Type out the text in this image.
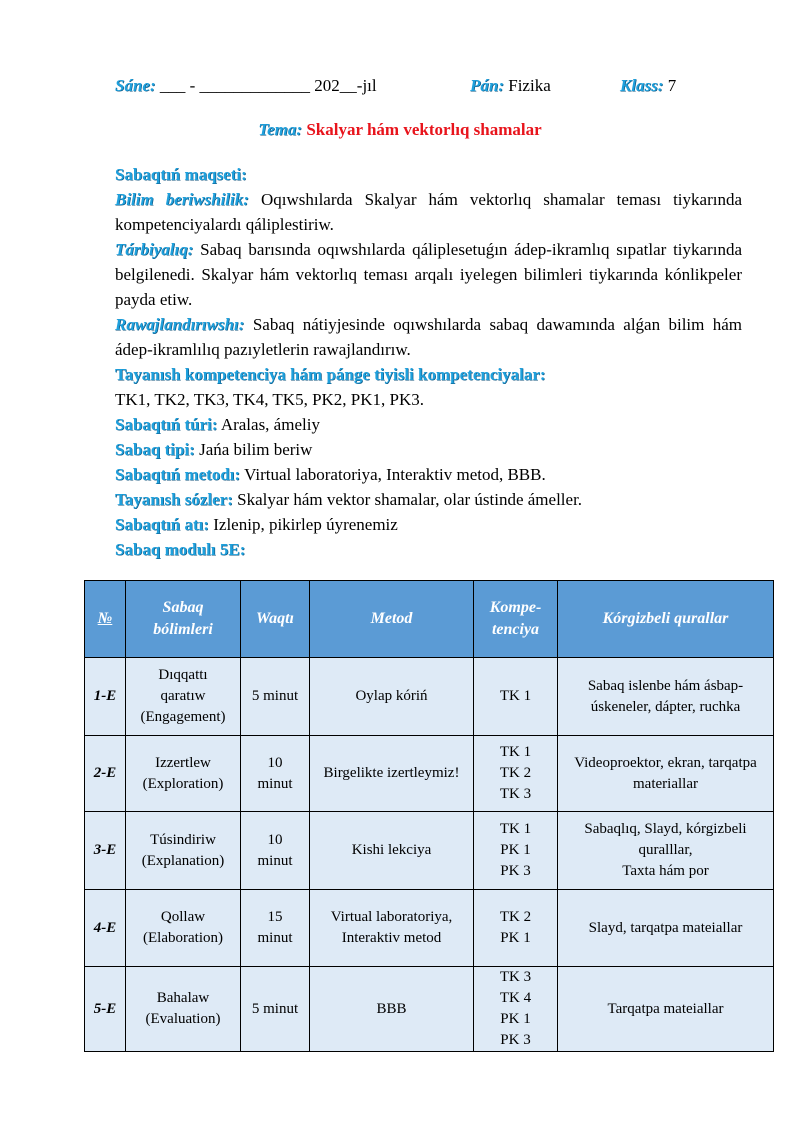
Sáne: ___ - _____________ 202__-jıl	Pán: Fizika	Klass: 7
Tema: Skalyar hám vektorlıq shamalar

Sabaqtıń maqseti:

Bilim beriwshilik: Oqıwshılarda Skalyar hám vektorlıq shamalar teması tiykarında kompetenciyalardı qáliplestiriw.

Tárbiyalıq: Sabaq barısında oqıwshılarda qáliplesetuǵın ádep-ikramlıq sıpatlar tiykarında belgilenedi. Skalyar hám vektorlıq teması arqalı iyelegen bilimleri tiykarında kónlikpeler payda etiw.

Rawajlandırıwshı: Sabaq nátiyjesinde oqıwshılarda sabaq dawamında alǵan bilim hám ádep-ikramlılıq pazıyletlerin rawajlandırıw.

Tayanısh kompetenciya hám pánge tiyisli kompetenciyalar:

TK1, TK2, TK3, TK4, TK5, PK2, PK1, PK3.

Sabaqtıń túri: Aralas, ámeliy

Sabaq tipi: Jańa bilim beriw

Sabaqtıń metodı: Virtual laboratoriya, Interaktiv metod, BBB.

Tayanısh sózler: Skalyar hám vektor shamalar, olar ústinde ámeller.

Sabaqtıń atı: Izlenip, pikirlep úyrenemiz

Sabaq modulı 5E:

№	Sabaq
bólimleri	Waqtı	Metod	Kompe-
tenciya	Kórgizbeli qurallar
1-E	Dıqqattı
qaratıw
(Engagement)	5 minut	Oylap kóriń	TK 1	Sabaq islenbe hám ásbap-
úskeneler, dápter, ruchka
2-E	Izzertlew
(Exploration)	10
minut	Birgelikte izertleymiz!	TK 1
TK 2
TK 3	Videoproektor, ekran, tarqatpa
materiallar
3-E	Túsindiriw
(Explanation)	10
minut	Kishi lekciya	TK 1
PK 1
PK 3	Sabaqlıq, Slayd, kórgizbeli
quralllar,
Taxta hám por
4-E	Qollaw
(Elaboration)	15
minut	Virtual laboratoriya,
Interaktiv metod	TK 2
PK 1	Slayd, tarqatpa mateiallar
5-E	Bahalaw
(Evaluation)	5 minut	BBB	TK 3
TK 4
PK 1
PK 3	Tarqatpa mateiallar
